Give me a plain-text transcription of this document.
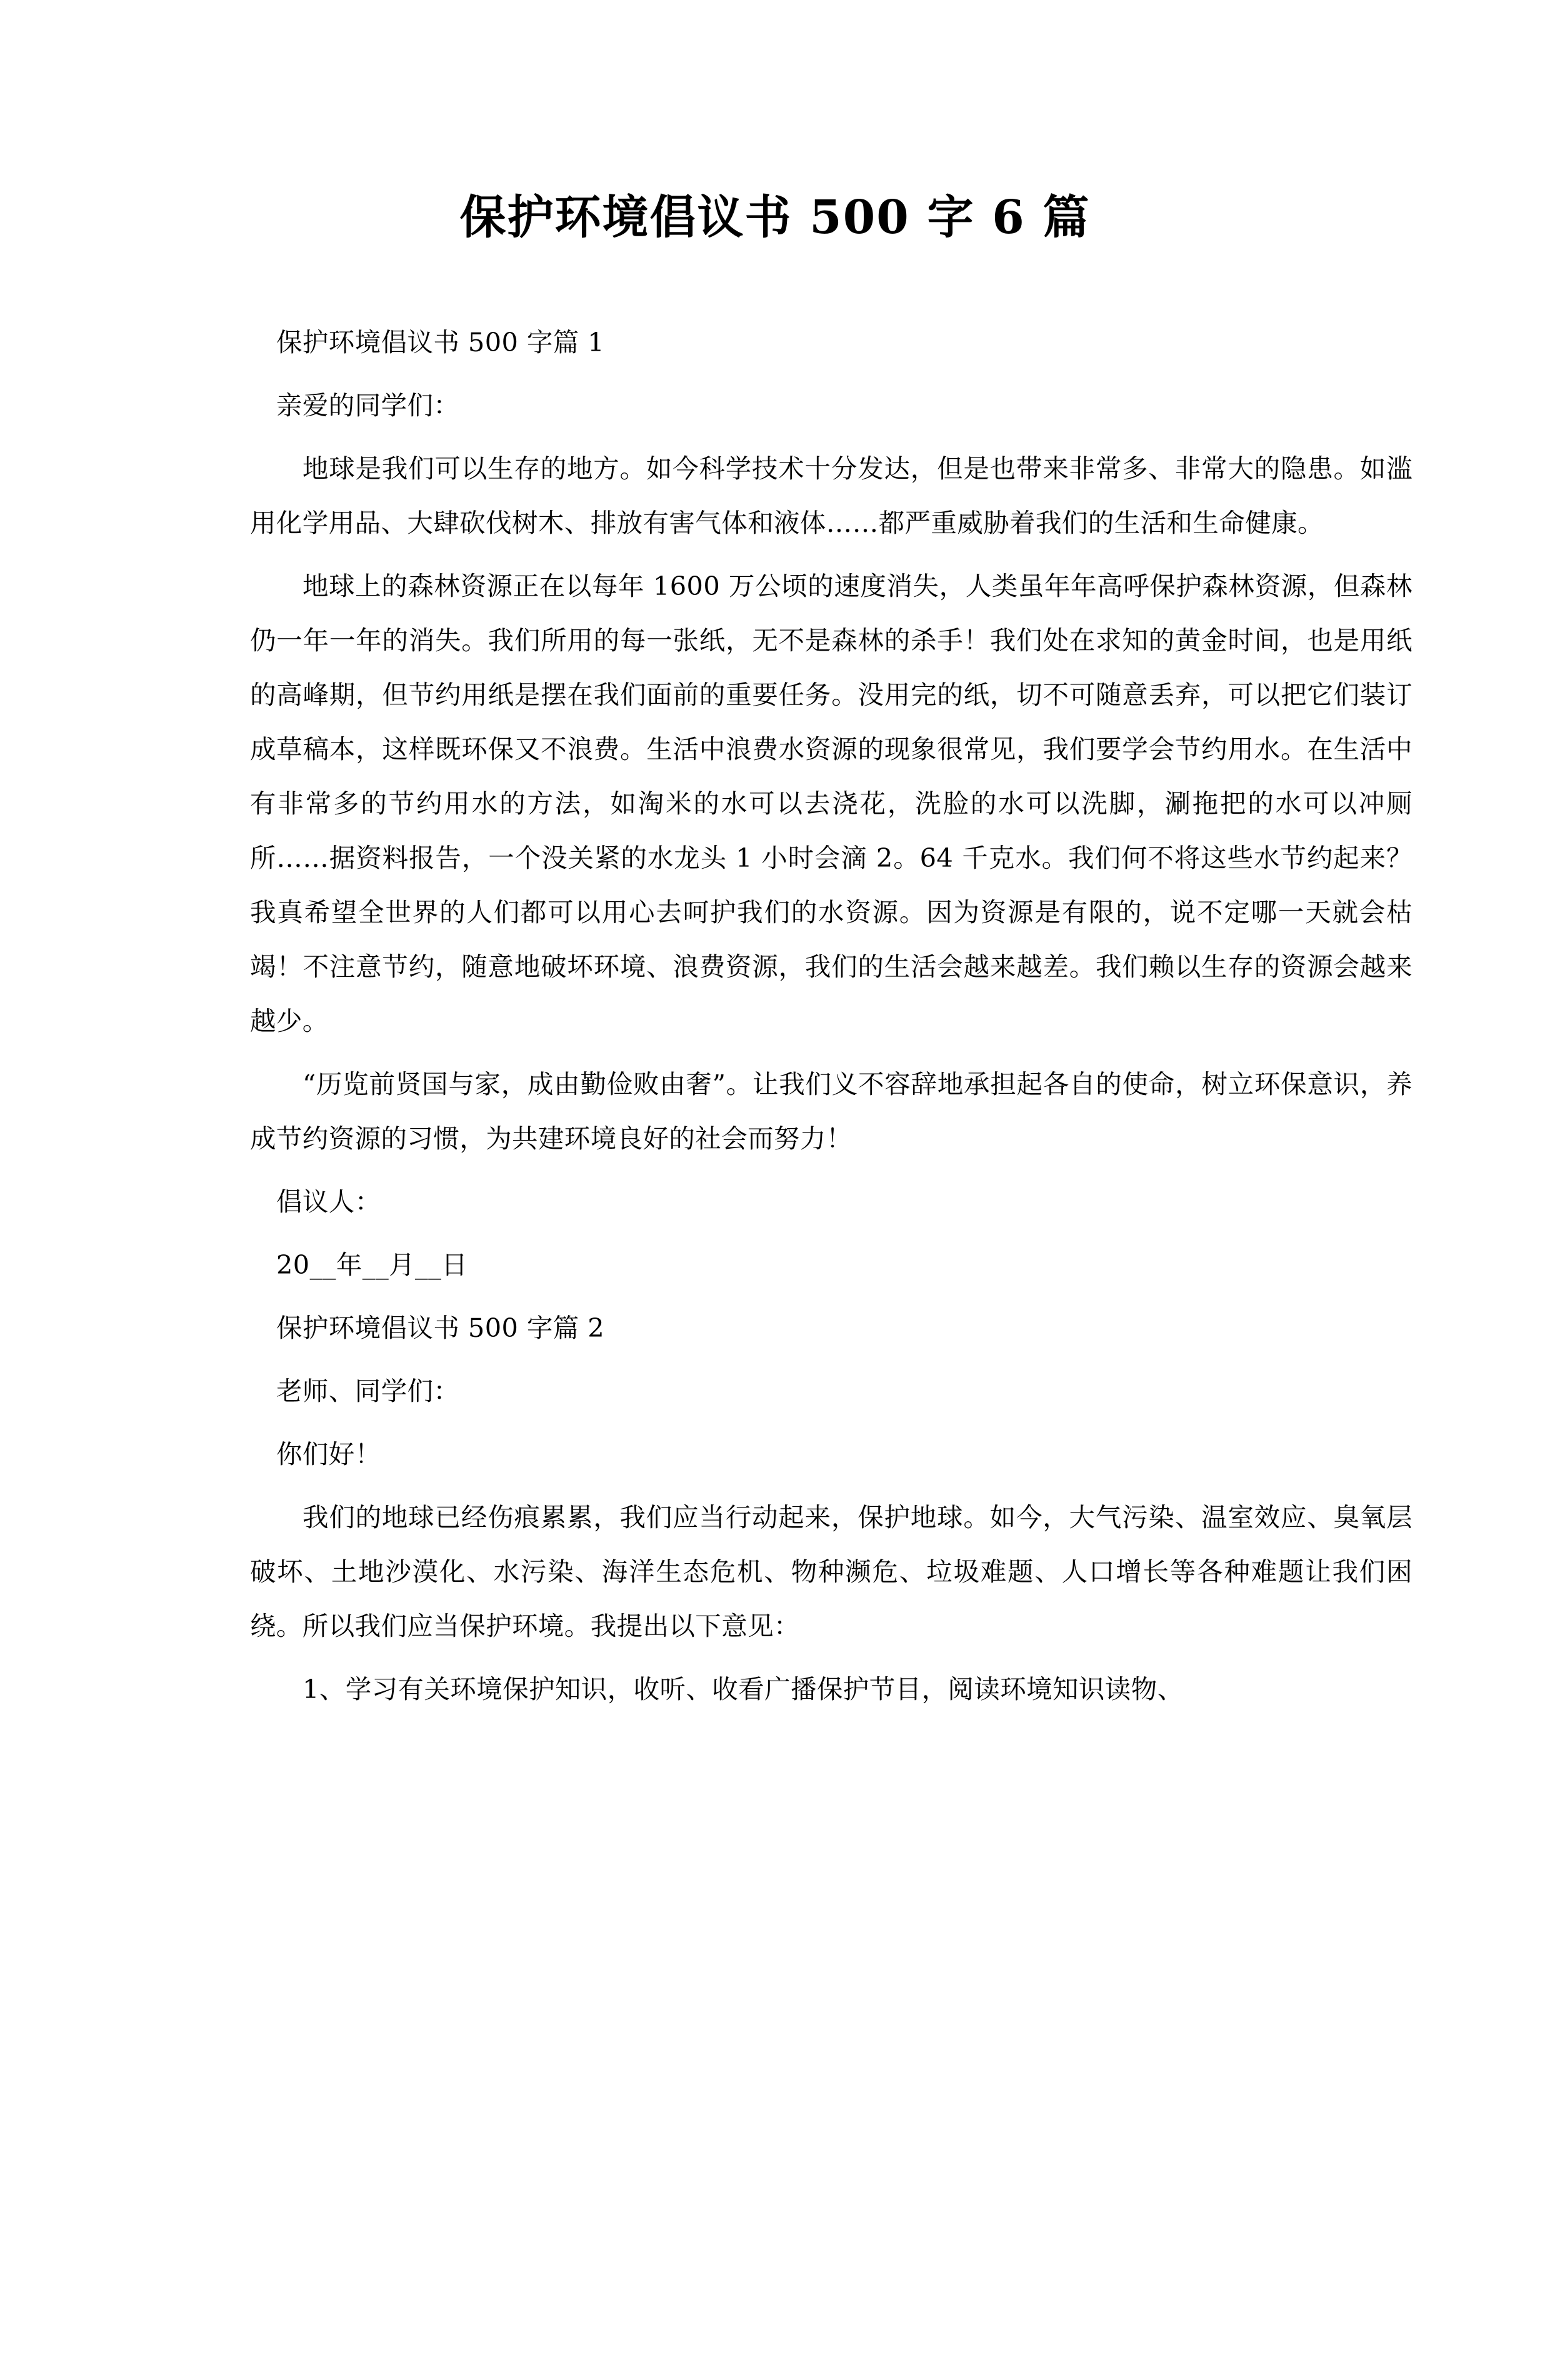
保护环境倡议书 500 字 6 篇

保护环境倡议书 500 字篇 1

亲爱的同学们：

地球是我们可以生存的地方。如今科学技术十分发达，但是也带来非常多、非常大的隐患。如滥用化学用品、大肆砍伐树木、排放有害气体和液体……都严重威胁着我们的生活和生命健康。

地球上的森林资源正在以每年 1600 万公顷的速度消失，人类虽年年高呼保护森林资源，但森林仍一年一年的消失。我们所用的每一张纸，无不是森林的杀手！我们处在求知的黄金时间，也是用纸的高峰期，但节约用纸是摆在我们面前的重要任务。没用完的纸，切不可随意丢弃，可以把它们装订成草稿本，这样既环保又不浪费。生活中浪费水资源的现象很常见，我们要学会节约用水。在生活中有非常多的节约用水的方法，如淘米的水可以去浇花，洗脸的水可以洗脚，涮拖把的水可以冲厕所……据资料报告，一个没关紧的水龙头 1 小时会滴 2。64 千克水。我们何不将这些水节约起来？我真希望全世界的人们都可以用心去呵护我们的水资源。因为资源是有限的，说不定哪一天就会枯竭！不注意节约，随意地破坏环境、浪费资源，我们的生活会越来越差。我们赖以生存的资源会越来越少。

“历览前贤国与家，成由勤俭败由奢”。让我们义不容辞地承担起各自的使命，树立环保意识，养成节约资源的习惯，为共建环境良好的社会而努力！

倡议人：

20__年__月__日

保护环境倡议书 500 字篇 2

老师、同学们：

你们好！

我们的地球已经伤痕累累，我们应当行动起来，保护地球。如今，大气污染、温室效应、臭氧层破坏、土地沙漠化、水污染、海洋生态危机、物种濒危、垃圾难题、人口增长等各种难题让我们困绕。所以我们应当保护环境。我提出以下意见：

1、学习有关环境保护知识，收听、收看广播保护节目，阅读环境知识读物、
